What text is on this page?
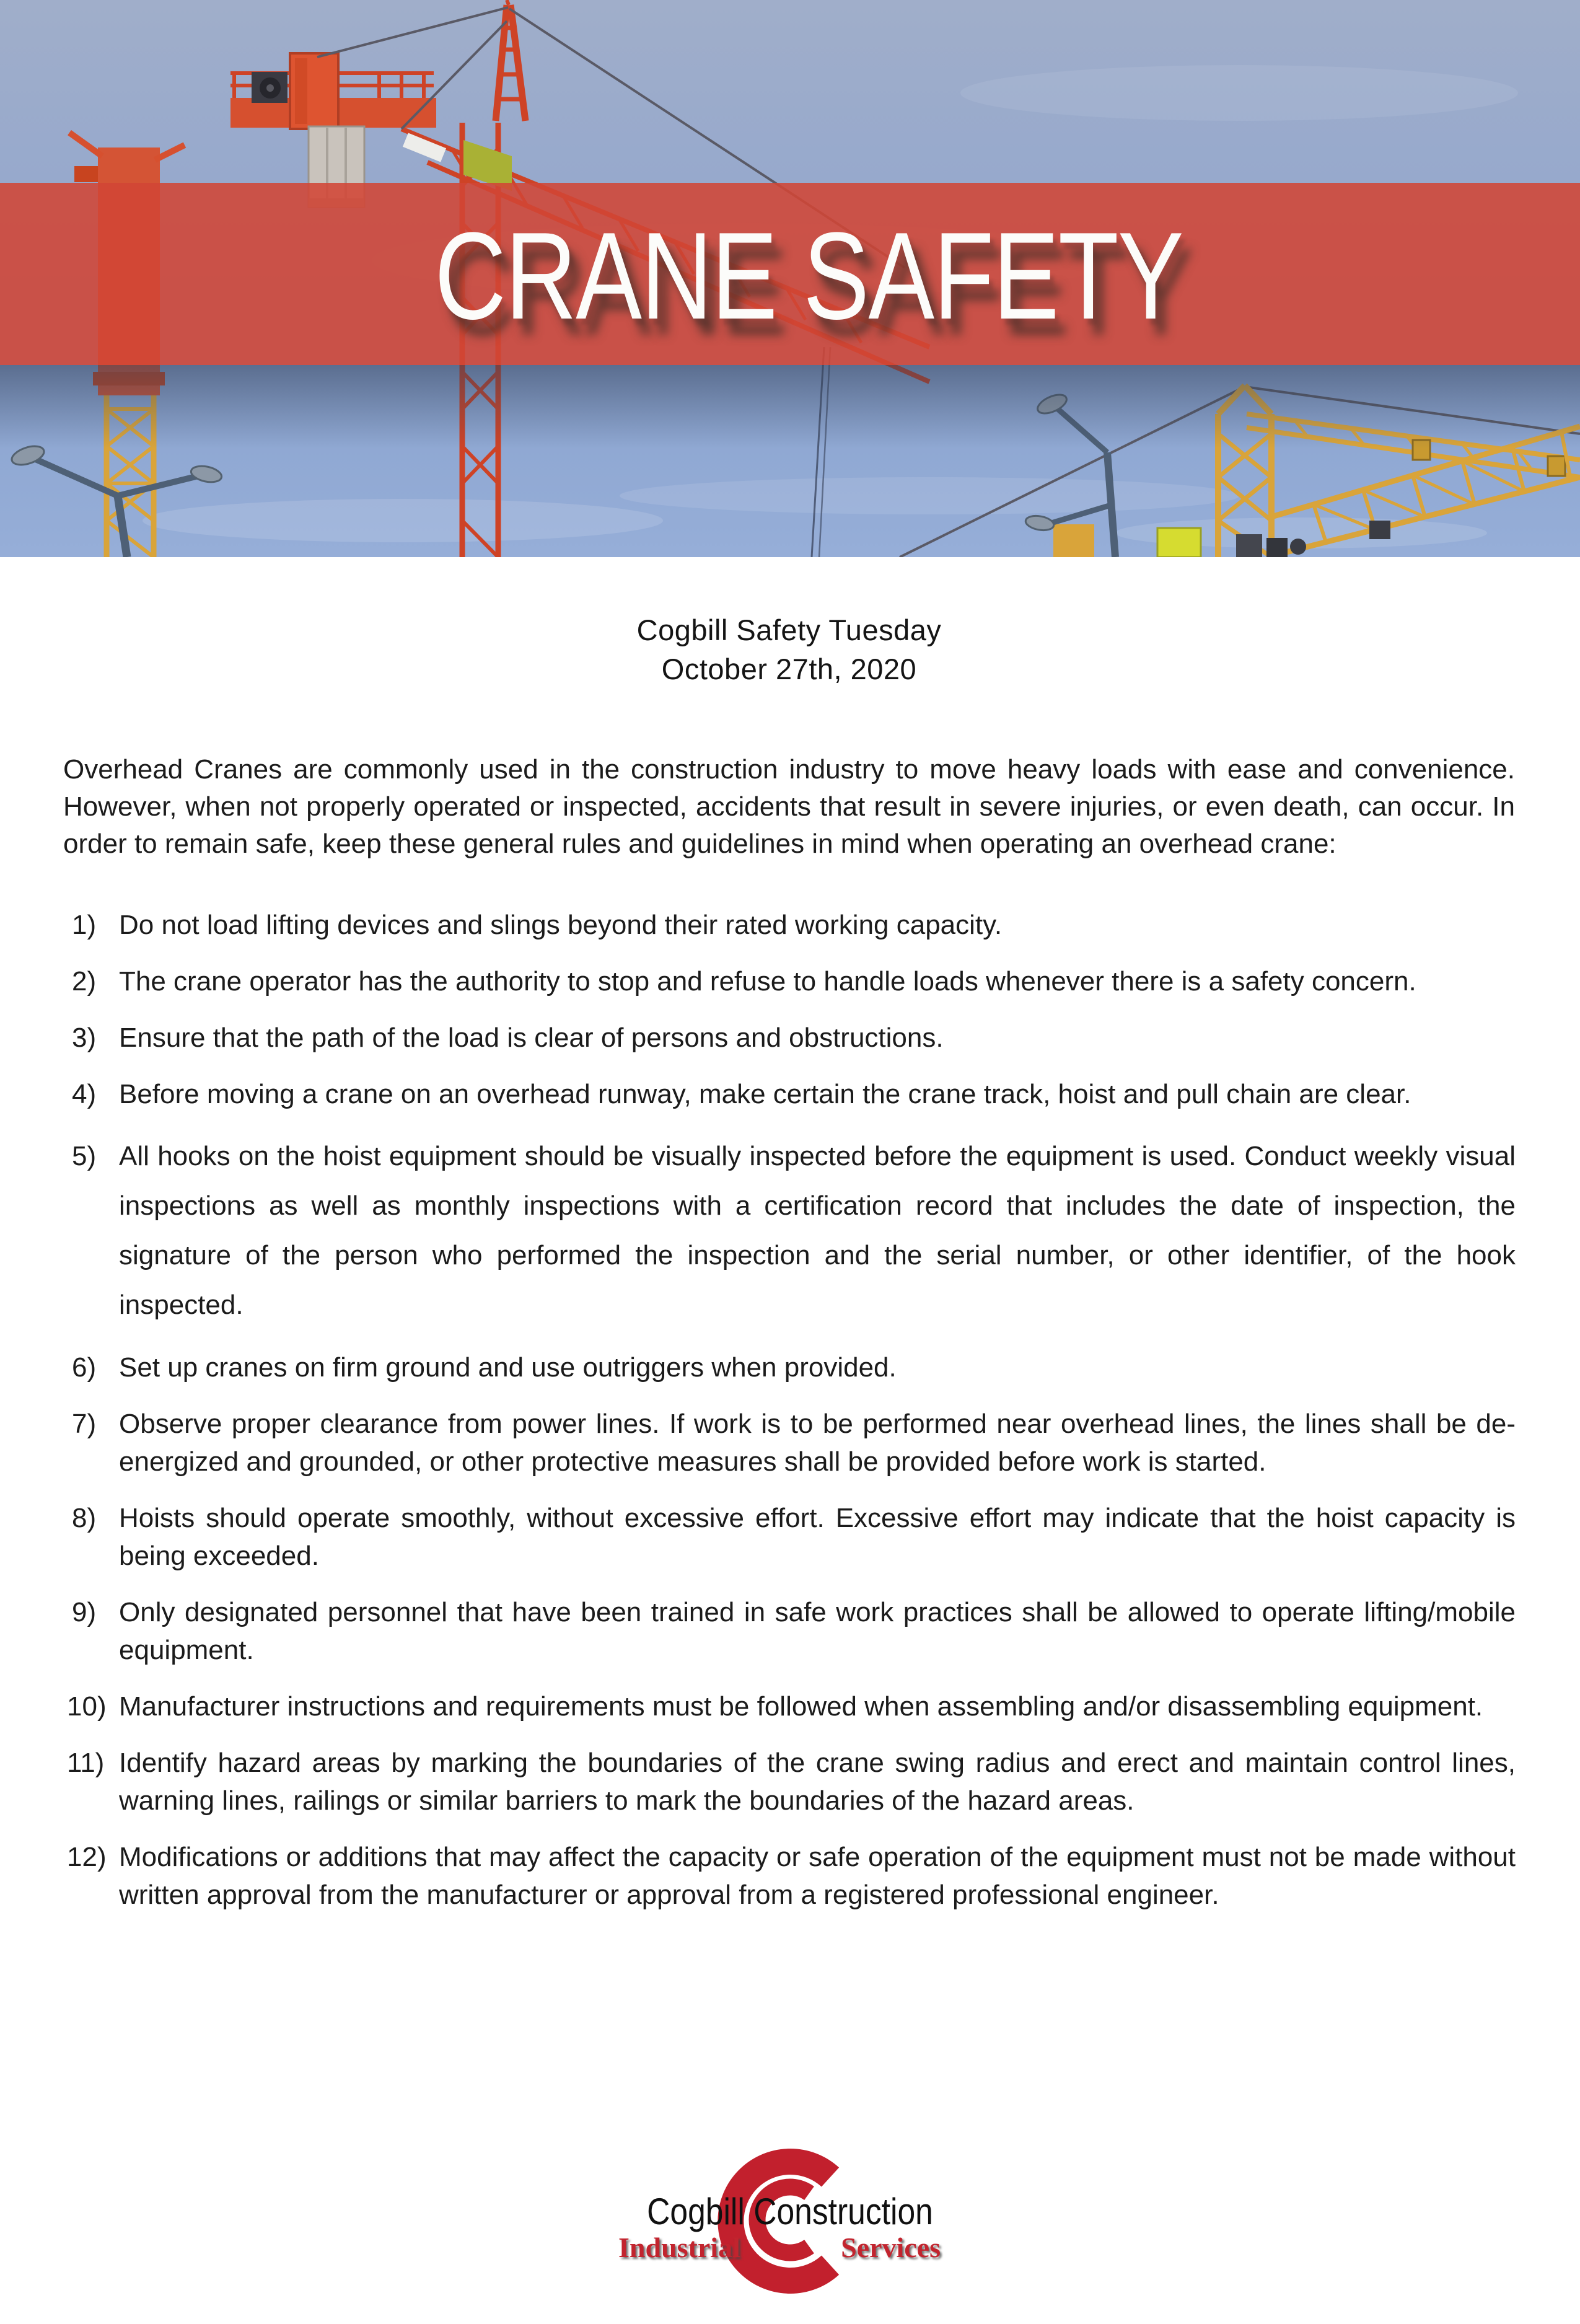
CRANE SAFETY
Cogbill Safety Tuesday
October 27th, 2020

Overhead Cranes are commonly used in the construction industry to move heavy loads with ease and convenience. However, when not properly operated or inspected, accidents that result in severe injuries, or even death, can occur. In order to remain safe, keep these general rules and guidelines in mind when operating an overhead crane:

1) Do not load lifting devices and slings beyond their rated working capacity.
2) The crane operator has the authority to stop and refuse to handle loads whenever there is a safety concern.
3) Ensure that the path of the load is clear of persons and obstructions.
4) Before moving a crane on an overhead runway, make certain the crane track, hoist and pull chain are clear.
5) All hooks on the hoist equipment should be visually inspected before the equipment is used. Conduct weekly visual inspections as well as monthly inspections with a certification record that includes the date of inspection, the signature of the person who performed the inspection and the serial number, or other identifier, of the hook inspected.
6) Set up cranes on firm ground and use outriggers when provided.
7) Observe proper clearance from power lines. If work is to be performed near overhead lines, the lines shall be de-energized and grounded, or other protective measures shall be provided before work is started.
8) Hoists should operate smoothly, without excessive effort. Excessive effort may indicate that the hoist capacity is being exceeded.
9) Only designated personnel that have been trained in safe work practices shall be allowed to operate lifting/mobile equipment.
10) Manufacturer instructions and requirements must be followed when assembling and/or disassembling equipment.
11) Identify hazard areas by marking the boundaries of the crane swing radius and erect and maintain control lines, warning lines, railings or similar barriers to mark the boundaries of the hazard areas.
12) Modifications or additions that may affect the capacity or safe operation of the equipment must not be made without written approval from the manufacturer or approval from a registered professional engineer.
Cogbill Construction
Industrial	Services
